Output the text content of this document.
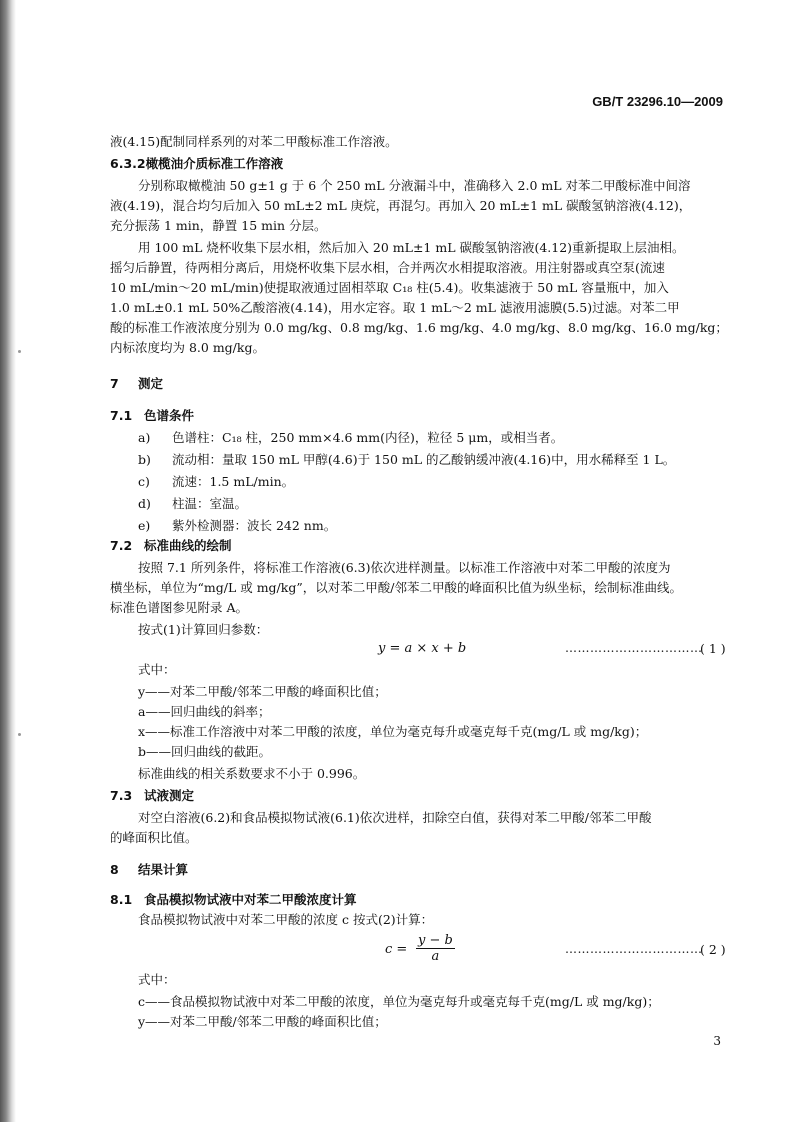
GB/T 23296.10—2009
液(4.15)配制同样系列的对苯二甲酸标准工作溶液。
6.3.2橄榄油介质标准工作溶液
分别称取橄榄油 50 g±1 g 于 6 个 250 mL 分液漏斗中，准确移入 2.0 mL 对苯二甲酸标准中间溶
液(4.19)，混合均匀后加入 50 mL±2 mL 庚烷，再混匀。再加入 20 mL±1 mL 碳酸氢钠溶液(4.12)，
充分振荡 1 min，静置 15 min 分层。
用 100 mL 烧杯收集下层水相，然后加入 20 mL±1 mL 碳酸氢钠溶液(4.12)重新提取上层油相。
摇匀后静置，待两相分离后，用烧杯收集下层水相，合并两次水相提取溶液。用注射器或真空泵(流速
10 mL/min～20 mL/min)使提取液通过固相萃取 C₁₈ 柱(5.4)。收集滤液于 50 mL 容量瓶中，加入
1.0 mL±0.1 mL 50%乙酸溶液(4.14)，用水定容。取 1 mL～2 mL 滤液用滤膜(5.5)过滤。对苯二甲
酸的标准工作液浓度分别为 0.0 mg/kg、0.8 mg/kg、1.6 mg/kg、4.0 mg/kg、8.0 mg/kg、16.0 mg/kg；
内标浓度均为 8.0 mg/kg。
7 测定
7.1 色谱条件
a) 色谱柱：C₁₈ 柱，250 mm×4.6 mm(内径)，粒径 5 μm，或相当者。
b) 流动相：量取 150 mL 甲醇(4.6)于 150 mL 的乙酸钠缓冲液(4.16)中，用水稀释至 1 L。
c) 流速：1.5 mL/min。
d) 柱温：室温。
e) 紫外检测器：波长 242 nm。
7.2 标准曲线的绘制
按照 7.1 所列条件，将标准工作溶液(6.3)依次进样测量。以标准工作溶液中对苯二甲酸的浓度为
横坐标，单位为“mg/L 或 mg/kg”，以对苯二甲酸/邻苯二甲酸的峰面积比值为纵坐标，绘制标准曲线。
标准色谱图参见附录 A。
按式(1)计算回归参数：
y = a × x + b	……………………………
( 1 )
式中：
y——对苯二甲酸/邻苯二甲酸的峰面积比值；
a——回归曲线的斜率；
x——标准工作溶液中对苯二甲酸的浓度，单位为毫克每升或毫克每千克(mg/L 或 mg/kg)；
b——回归曲线的截距。
标准曲线的相关系数要求不小于 0.996。
7.3 试液测定
对空白溶液(6.2)和食品模拟物试液(6.1)依次进样，扣除空白值，获得对苯二甲酸/邻苯二甲酸
的峰面积比值。
8 结果计算
8.1 食品模拟物试液中对苯二甲酸浓度计算
食品模拟物试液中对苯二甲酸的浓度 c 按式(2)计算：
$c = \frac{y - b}{a}$	……………………………
( 2 )
式中：
c——食品模拟物试液中对苯二甲酸的浓度，单位为毫克每升或毫克每千克(mg/L 或 mg/kg)；
y——对苯二甲酸/邻苯二甲酸的峰面积比值；
3
